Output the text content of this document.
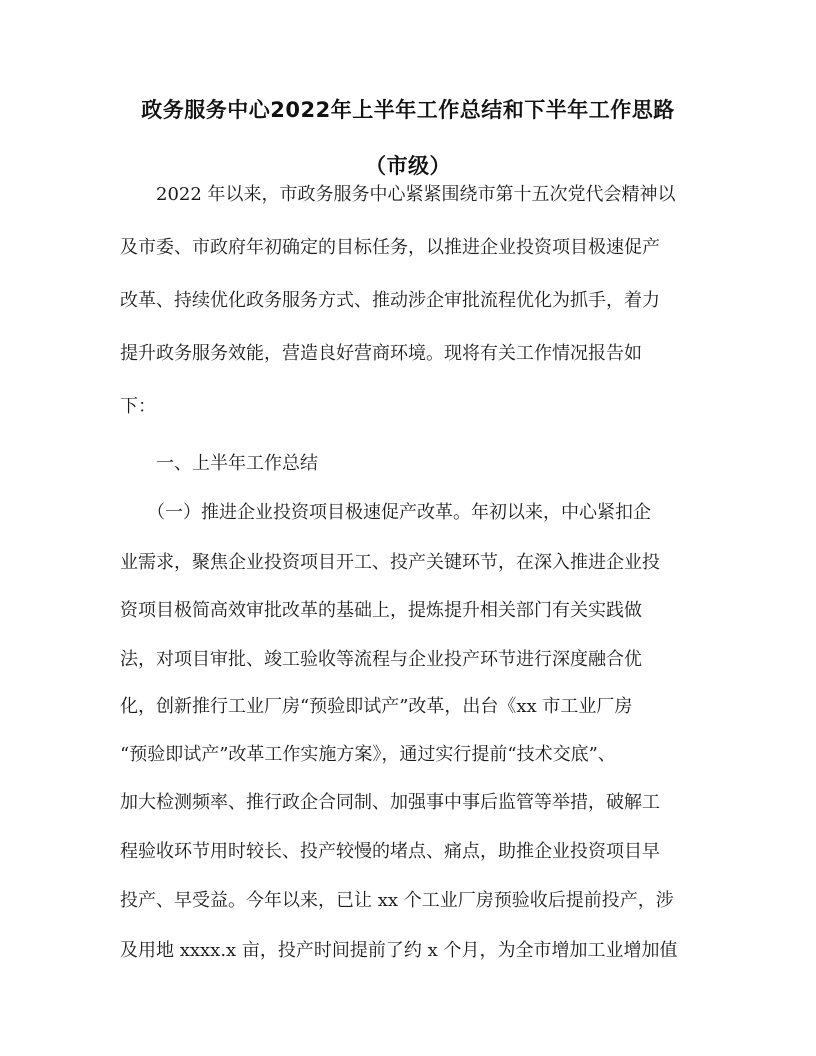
政务服务中心2022年上半年工作总结和下半年工作思路
（市级）
　　2022 年以来，市政务服务中心紧紧围绕市第十五次党代会精神以
及市委、市政府年初确定的目标任务，以推进企业投资项目极速促产
改革、持续优化政务服务方式、推动涉企审批流程优化为抓手，着力
提升政务服务效能，营造良好营商环境。现将有关工作情况报告如
下：
　　一、上半年工作总结
　　（一）推进企业投资项目极速促产改革。年初以来，中心紧扣企
业需求，聚焦企业投资项目开工、投产关键环节，在深入推进企业投
资项目极简高效审批改革的基础上，提炼提升相关部门有关实践做
法，对项目审批、竣工验收等流程与企业投产环节进行深度融合优
化，创新推行工业厂房“预验即试产”改革，出台《xx 市工业厂房
“预验即试产”改革工作实施方案》，通过实行提前“技术交底”、
加大检测频率、推行政企合同制、加强事中事后监管等举措，破解工
程验收环节用时较长、投产较慢的堵点、痛点，助推企业投资项目早
投产、早受益。今年以来，已让 xx 个工业厂房预验收后提前投产，涉
及用地 xxxx.x 亩，投产时间提前了约 x 个月，为全市增加工业增加值
